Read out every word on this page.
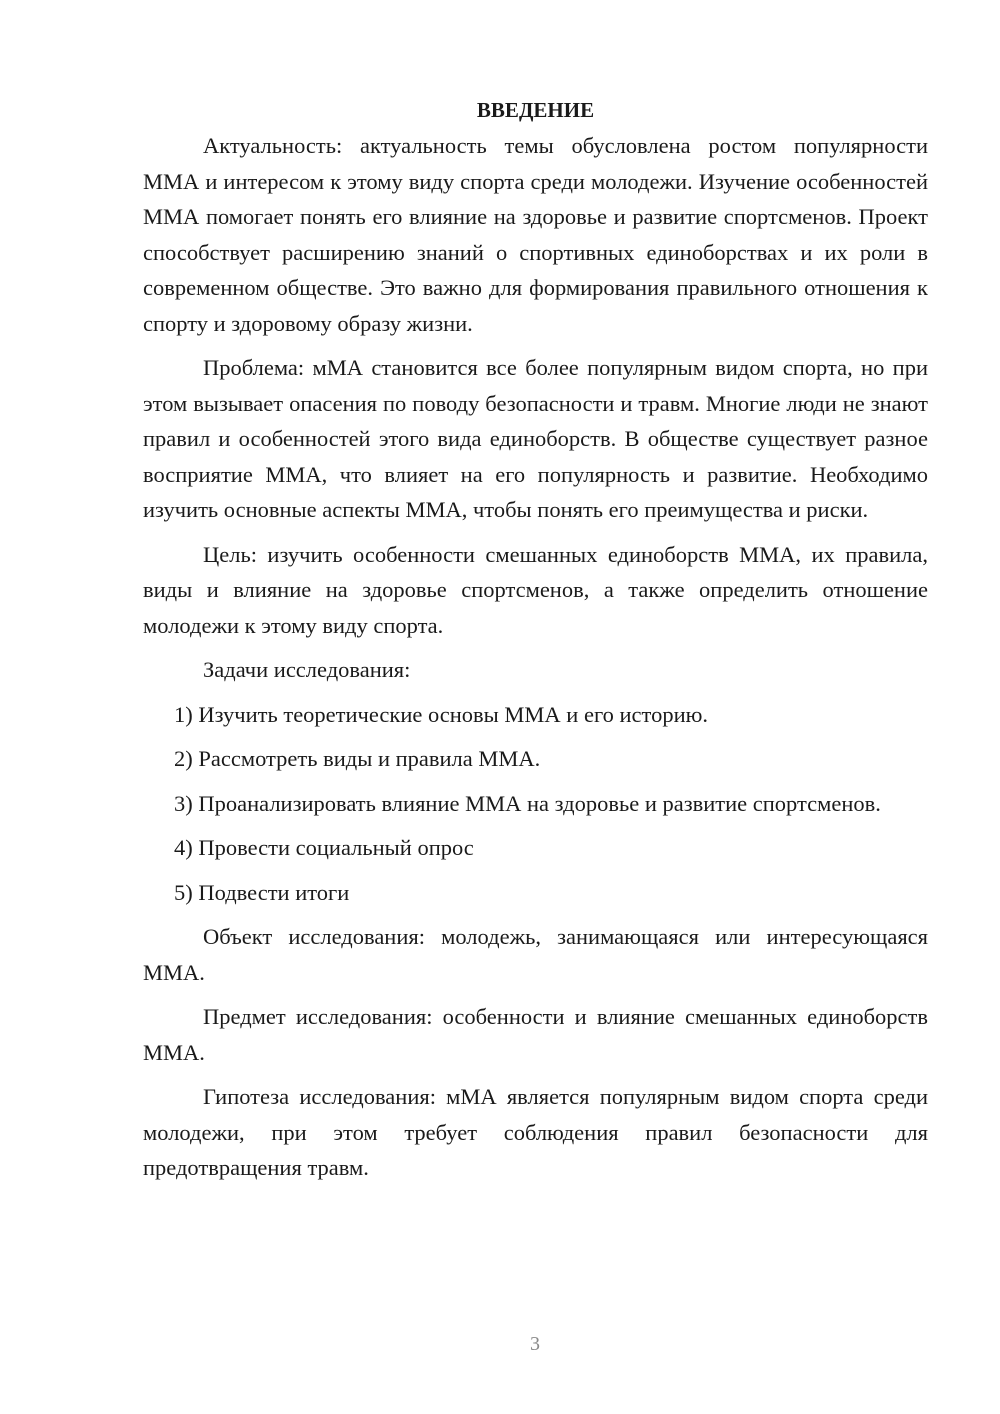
ВВЕДЕНИЕ

Актуальность: актуальность темы обусловлена ростом популярности ММА и интересом к этому виду спорта среди молодежи. Изучение особенностей ММА помогает понять его влияние на здоровье и развитие спортсменов. Проект способствует расширению знаний о спортивных единоборствах и их роли в современном обществе. Это важно для формирования правильного отношения к спорту и здоровому образу жизни.

Проблема: мМА становится все более популярным видом спорта, но при этом вызывает опасения по поводу безопасности и травм. Многие люди не знают правил и особенностей этого вида единоборств. В обществе существует разное восприятие ММА, что влияет на его популярность и развитие. Необходимо изучить основные аспекты ММА, чтобы понять его преимущества и риски.

Цель: изучить особенности смешанных единоборств ММА, их правила, виды и влияние на здоровье спортсменов, а также определить отношение молодежи к этому виду спорта.

Задачи исследования:

1) Изучить теоретические основы ММА и его историю.

2) Рассмотреть виды и правила ММА.

3) Проанализировать влияние ММА на здоровье и развитие спортсменов.

4) Провести социальный опрос

5) Подвести итоги

Объект исследования: молодежь, занимающаяся или интересующаяся ММА.

Предмет исследования: особенности и влияние смешанных единоборств ММА.

Гипотеза исследования: мМА является популярным видом спорта среди молодежи, при этом требует соблюдения правил безопасности для предотвращения травм.

3
